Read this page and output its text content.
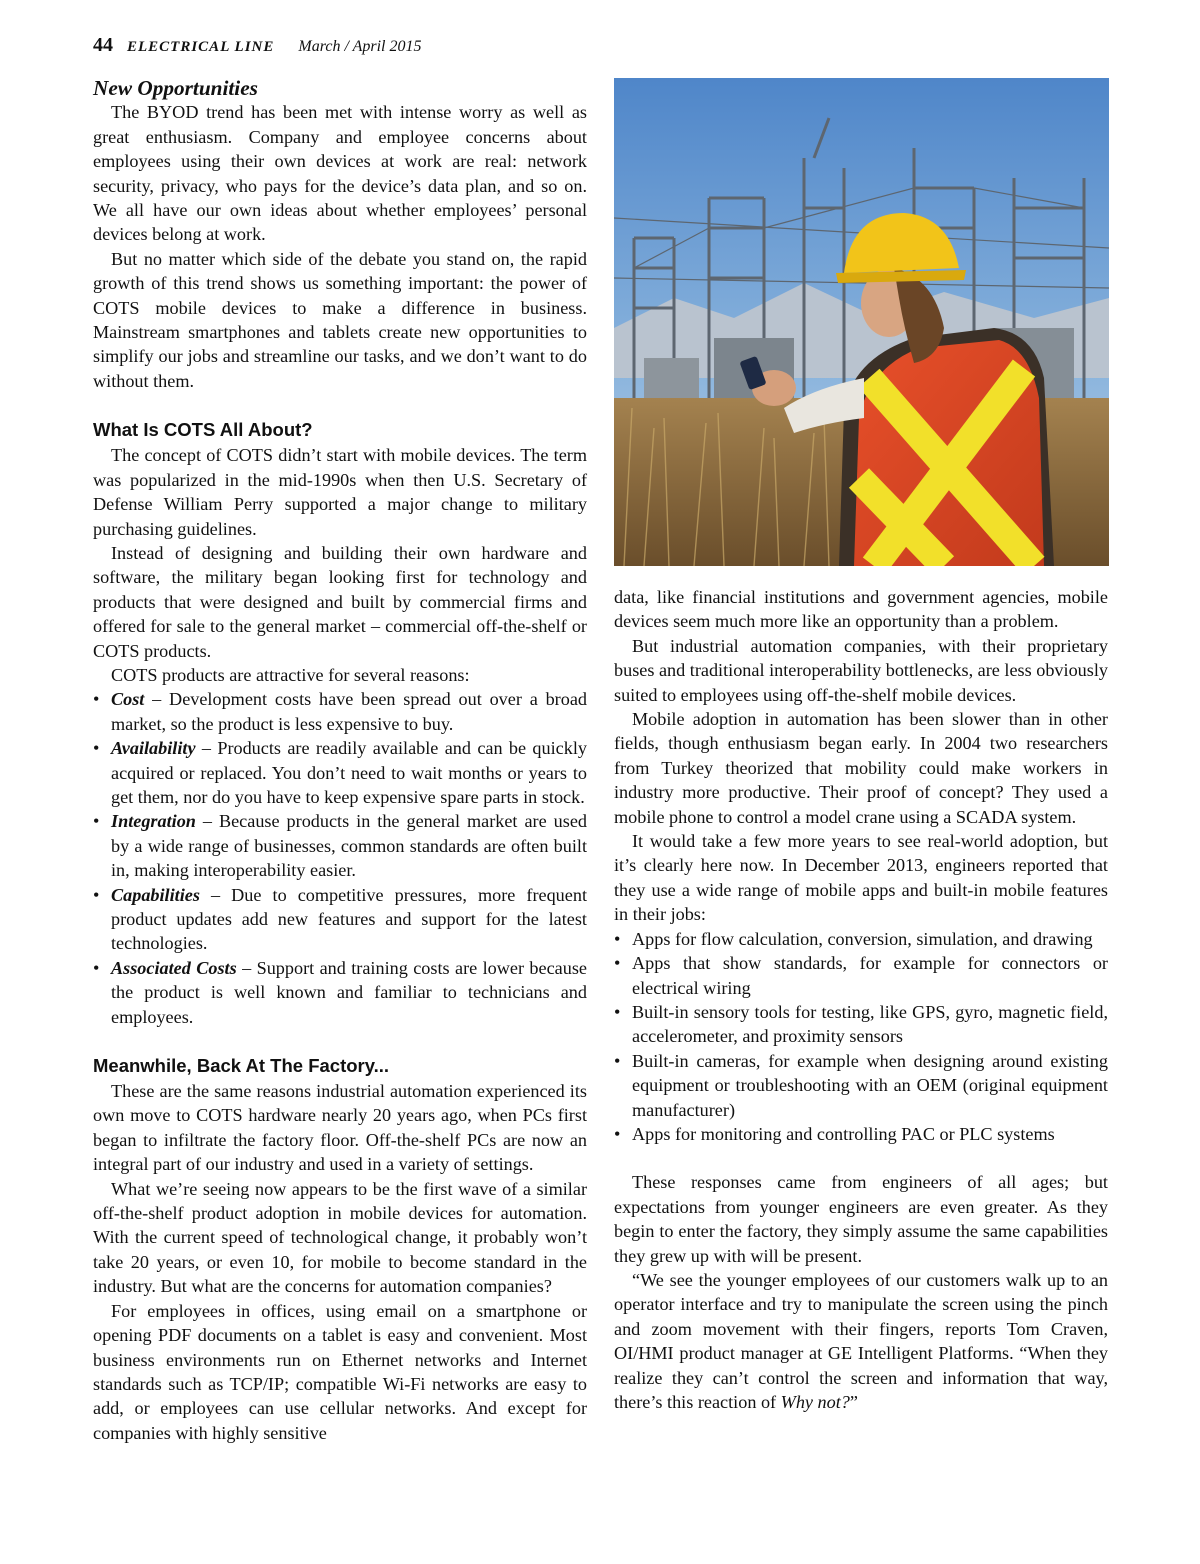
44 ELECTRICAL LINE March / April 2015
New Opportunities

The BYOD trend has been met with intense worry as well as great enthusiasm. Company and employee concerns about employees using their own devices at work are real: network security, privacy, who pays for the device’s data plan, and so on. We all have our own ideas about whether employees’ personal devices belong at work.

But no matter which side of the debate you stand on, the rapid growth of this trend shows us something important: the power of COTS mobile devices to make a difference in business. Mainstream smartphones and tablets create new opportunities to simplify our jobs and streamline our tasks, and we don’t want to do without them.

What Is COTS All About?

The concept of COTS didn’t start with mobile devices. The term was popularized in the mid-1990s when then U.S. Secretary of Defense William Perry supported a major change to military purchasing guidelines.

Instead of designing and building their own hardware and software, the military began looking first for technology and products that were designed and built by commercial firms and offered for sale to the general market – commercial off-the-shelf or COTS products.

COTS products are attractive for several reasons:

• Cost – Development costs have been spread out over a broad market, so the product is less expensive to buy.
• Availability – Products are readily available and can be quickly acquired or replaced. You don’t need to wait months or years to get them, nor do you have to keep expensive spare parts in stock.
• Integration – Because products in the general market are used by a wide range of businesses, common standards are often built in, making interoperability easier.
• Capabilities – Due to competitive pressures, more frequent product updates add new features and support for the latest technologies.
• Associated Costs – Support and training costs are lower because the product is well known and familiar to technicians and employees.
Meanwhile, Back At The Factory...

These are the same reasons industrial automation experienced its own move to COTS hardware nearly 20 years ago, when PCs first began to infiltrate the factory floor. Off-the-shelf PCs are now an integral part of our industry and used in a variety of settings.

What we’re seeing now appears to be the first wave of a similar off-the-shelf product adoption in mobile devices for automation. With the current speed of technological change, it probably won’t take 20 years, or even 10, for mobile to become standard in the industry. But what are the concerns for automation companies?

For employees in offices, using email on a smartphone or opening PDF documents on a tablet is easy and convenient. Most business environments run on Ethernet networks and Internet standards such as TCP/IP; compatible Wi-Fi networks are easy to add, or employees can use cellular networks. And except for companies with highly sensitive

data, like financial institutions and government agencies, mobile devices seem much more like an opportunity than a problem.

But industrial automation companies, with their proprietary buses and traditional interoperability bottlenecks, are less obviously suited to employees using off-the-shelf mobile devices.

Mobile adoption in automation has been slower than in other fields, though enthusiasm began early. In 2004 two researchers from Turkey theorized that mobility could make workers in industry more productive. Their proof of concept? They used a mobile phone to control a model crane using a SCADA system.

It would take a few more years to see real-world adoption, but it’s clearly here now. In December 2013, engineers reported that they use a wide range of mobile apps and built-in mobile features in their jobs:

• Apps for flow calculation, conversion, simulation, and drawing
• Apps that show standards, for example for connectors or electrical wiring
• Built-in sensory tools for testing, like GPS, gyro, magnetic field, accelerometer, and proximity sensors
• Built-in cameras, for example when designing around existing equipment or troubleshooting with an OEM (original equipment manufacturer)
• Apps for monitoring and controlling PAC or PLC systems

These responses came from engineers of all ages; but expectations from younger engineers are even greater. As they begin to enter the factory, they simply assume the same capabilities they grew up with will be present.

“We see the younger employees of our customers walk up to an operator interface and try to manipulate the screen using the pinch and zoom movement with their fingers, reports Tom Craven, OI/HMI product manager at GE Intelligent Platforms. “When they realize they can’t control the screen and information that way, there’s this reaction of Why not?”
